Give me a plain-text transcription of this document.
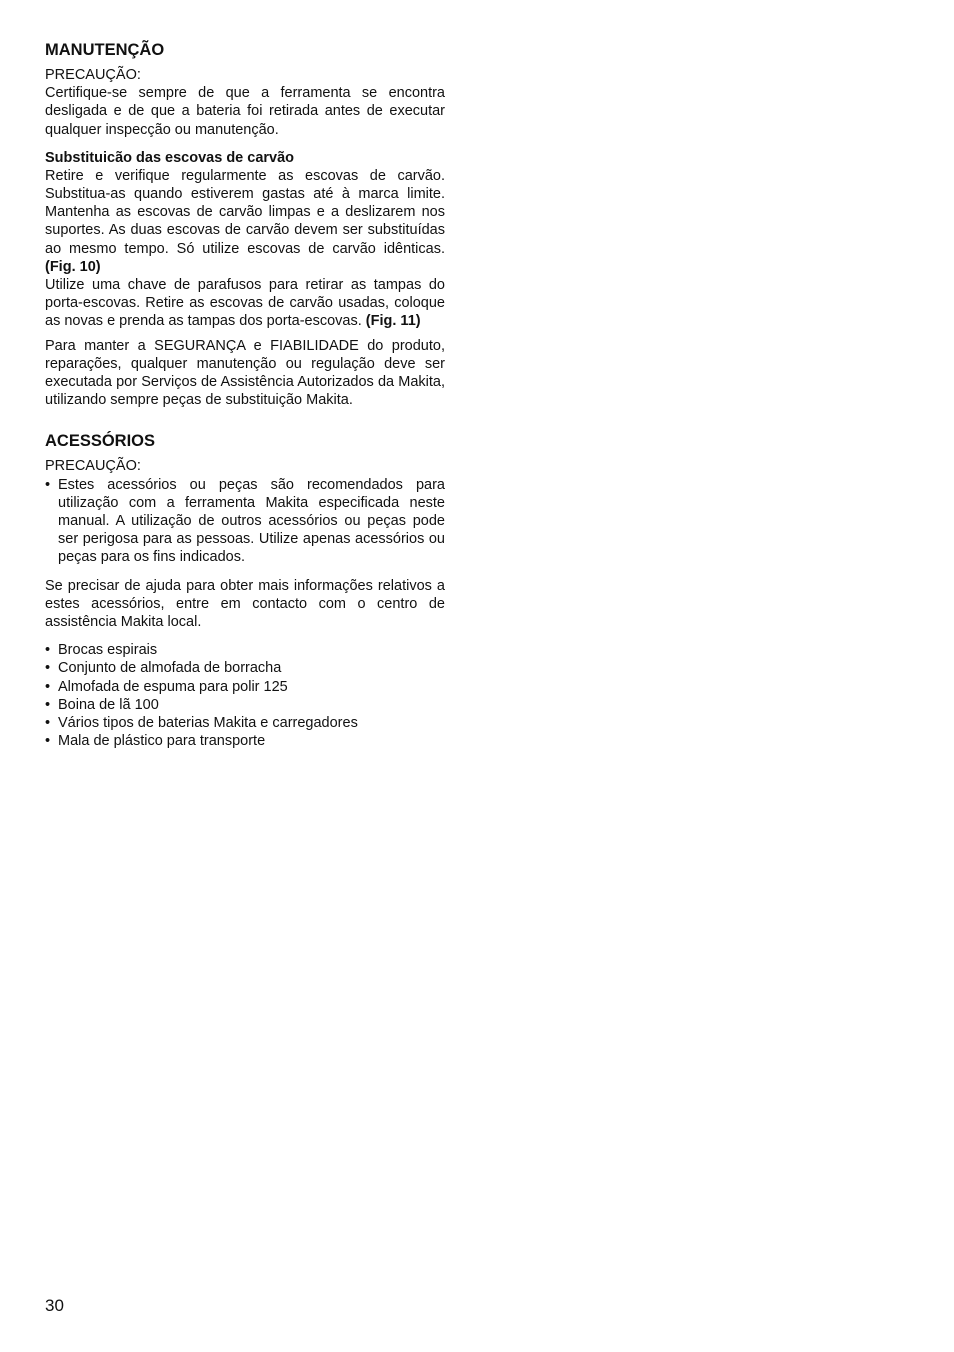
MANUTENÇÃO

PRECAUÇÃO:

Certifique-se sempre de que a ferramenta se encontra desligada e de que a bateria foi retirada antes de executar qualquer inspecção ou manutenção.

Substituicão das escovas de carvão

Retire e verifique regularmente as escovas de carvão. Substitua-as quando estiverem gastas até à marca limite. Mantenha as escovas de carvão limpas e a deslizarem nos suportes. As duas escovas de carvão devem ser substituídas ao mesmo tempo. Só utilize escovas de carvão idênticas. (Fig. 10)

Utilize uma chave de parafusos para retirar as tampas do porta-escovas. Retire as escovas de carvão usadas, coloque as novas e prenda as tampas dos porta-escovas. (Fig. 11)

Para manter a SEGURANÇA e FIABILIDADE do produto, reparações, qualquer manutenção ou regulação deve ser executada por Serviços de Assistência Autorizados da Makita, utilizando sempre peças de substituição Makita.

ACESSÓRIOS

PRECAUÇÃO:

• Estes acessórios ou peças são recomendados para utilização com a ferramenta Makita especificada neste manual. A utilização de outros acessórios ou peças pode ser perigosa para as pessoas. Utilize apenas acessórios ou peças para os fins indicados.

Se precisar de ajuda para obter mais informações relativos a estes acessórios, entre em contacto com o centro de assistência Makita local.

• Brocas espirais
• Conjunto de almofada de borracha
• Almofada de espuma para polir 125
• Boina de lã 100
• Vários tipos de baterias Makita e carregadores
• Mala de plástico para transporte
30
